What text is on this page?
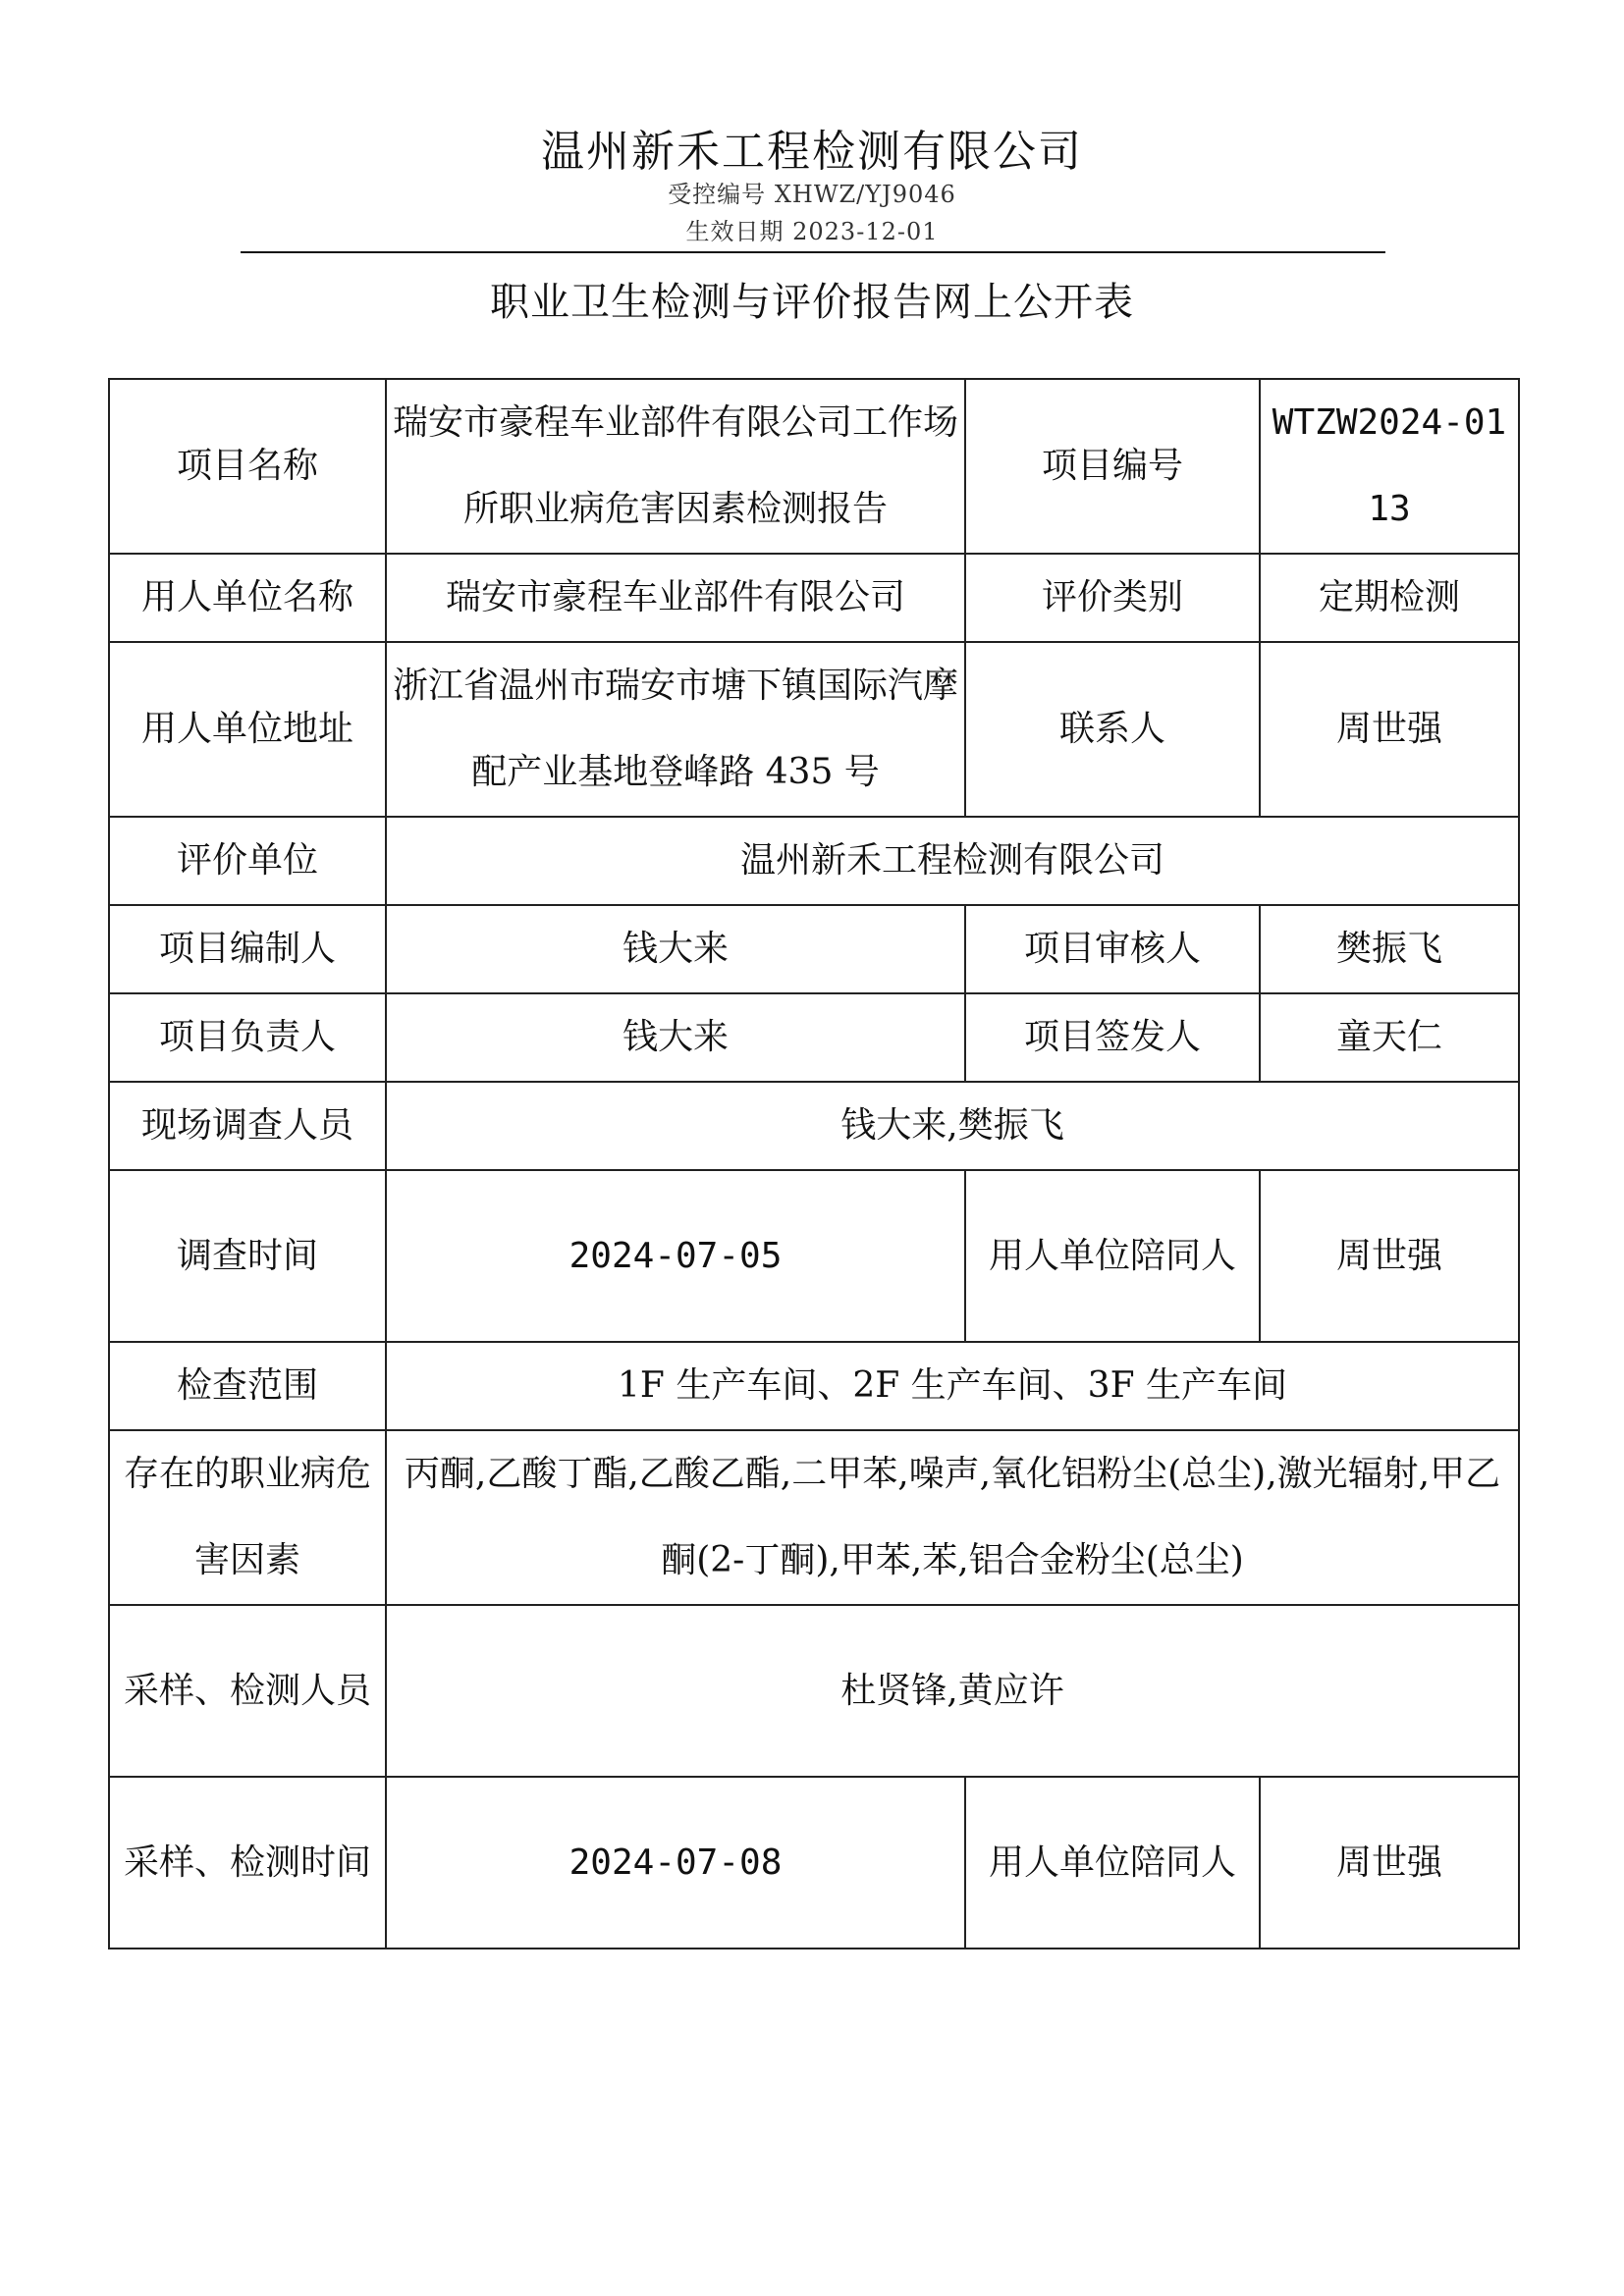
温州新禾工程检测有限公司
受控编号 XHWZ/YJ9046
生效日期 2023-12-01
职业卫生检测与评价报告网上公开表
项目名称	瑞安市豪程车业部件有限公司工作场所职业病危害因素检测报告	项目编号	WTZW2024-0113
用人单位名称	瑞安市豪程车业部件有限公司	评价类别	定期检测
用人单位地址	浙江省温州市瑞安市塘下镇国际汽摩配产业基地登峰路 435 号	联系人	周世强
评价单位	温州新禾工程检测有限公司		
项目编制人	钱大来	项目审核人	樊振飞
项目负责人	钱大来	项目签发人	童天仁
现场调查人员	钱大来,樊振飞		
调查时间	2024-07-05	用人单位陪同人	周世强
检查范围	1F 生产车间、2F 生产车间、3F 生产车间		
存在的职业病危害因素	丙酮,乙酸丁酯,乙酸乙酯,二甲苯,噪声,氧化铝粉尘(总尘),激光辐射,甲乙酮(2-丁酮),甲苯,苯,铝合金粉尘(总尘)		
采样、检测人员	杜贤锋,黄应许		
采样、检测时间	2024-07-08	用人单位陪同人	周世强
